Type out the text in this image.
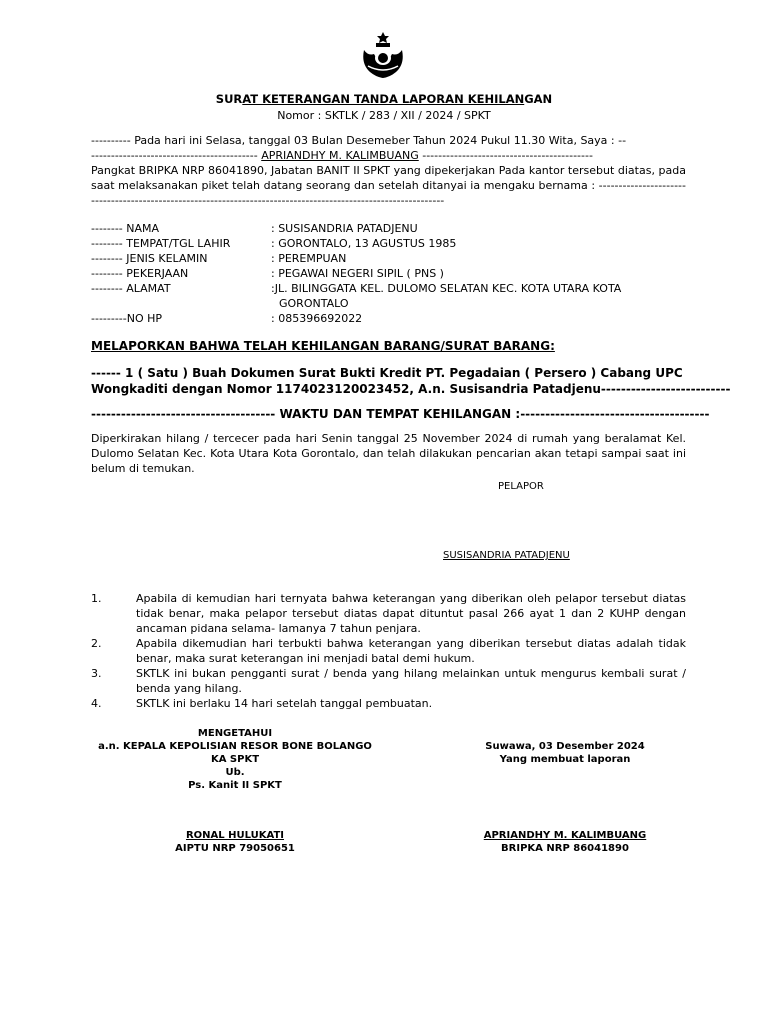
SURAT KETERANGAN TANDA LAPORAN KEHILANGAN
Nomor : SKTLK / 283 / XII / 2024 / SPKT
---------- Pada hari ini Selasa, tanggal 03 Bulan Desemeber Tahun 2024 Pukul 11.30 Wita, Saya : --
------------------------------------------ APRIANDHY M. KALIMBUANG -------------------------------------------
Pangkat BRIPKA NRP 86041890, Jabatan BANIT II SPKT yang dipekerjakan Pada kantor tersebut diatas, pada saat melaksanakan piket telah datang seorang dan setelah ditanyai ia mengaku bernama : ---------------------------------------------------------------------------------------------------------------
-------- NAMA	: SUSISANDRIA PATADJENU
-------- TEMPAT/TGL LAHIR	: GORONTALO, 13 AGUSTUS 1985
-------- JENIS KELAMIN	: PEREMPUAN
-------- PEKERJAAN	: PEGAWAI NEGERI SIPIL ( PNS )
-------- ALAMAT	:JL. BILINGGATA KEL. DULOMO SELATAN KEC. KOTA UTARA KOTA
GORONTALO
---------NO HP	: 085396692022
MELAPORKAN BAHWA TELAH KEHILANGAN BARANG/SURAT BARANG:
------ 1 ( Satu ) Buah Dokumen Surat Bukti Kredit PT. Pegadaian ( Persero ) Cabang UPC
Wongkaditi dengan Nomor 1174023120023452, A.n. Susisandria Patadjenu--------------------------
------------------------------------- WAKTU DAN TEMPAT KEHILANGAN :--------------------------------------
Diperkirakan hilang / tercecer pada hari Senin tanggal 25 November 2024 di rumah yang beralamat Kel. Dulomo Selatan Kec. Kota Utara Kota Gorontalo, dan telah dilakukan pencarian akan tetapi sampai saat ini belum di temukan.
PELAPOR
SUSISANDRIA PATADJENU
1.	Apabila di kemudian hari ternyata bahwa keterangan yang diberikan oleh pelapor tersebut diatas tidak benar, maka pelapor tersebut diatas dapat dituntut pasal 266 ayat 1 dan 2 KUHP dengan ancaman pidana selama- lamanya 7 tahun penjara.
2.	Apabila dikemudian hari terbukti bahwa keterangan yang diberikan tersebut diatas adalah tidak benar, maka surat keterangan ini menjadi batal demi hukum.
3.	SKTLK ini bukan pengganti surat / benda yang hilang melainkan untuk mengurus kembali surat / benda yang hilang.
4.	SKTLK ini berlaku 14 hari setelah tanggal pembuatan.
MENGETAHUI
a.n. KEPALA KEPOLISIAN RESOR BONE BOLANGO
KA SPKT
Ub.
Ps. Kanit II SPKT
RONAL HULUKATI
AIPTU NRP 79050651
Suwawa, 03 Desember 2024
Yang membuat laporan
APRIANDHY M. KALIMBUANG
BRIPKA NRP 86041890
